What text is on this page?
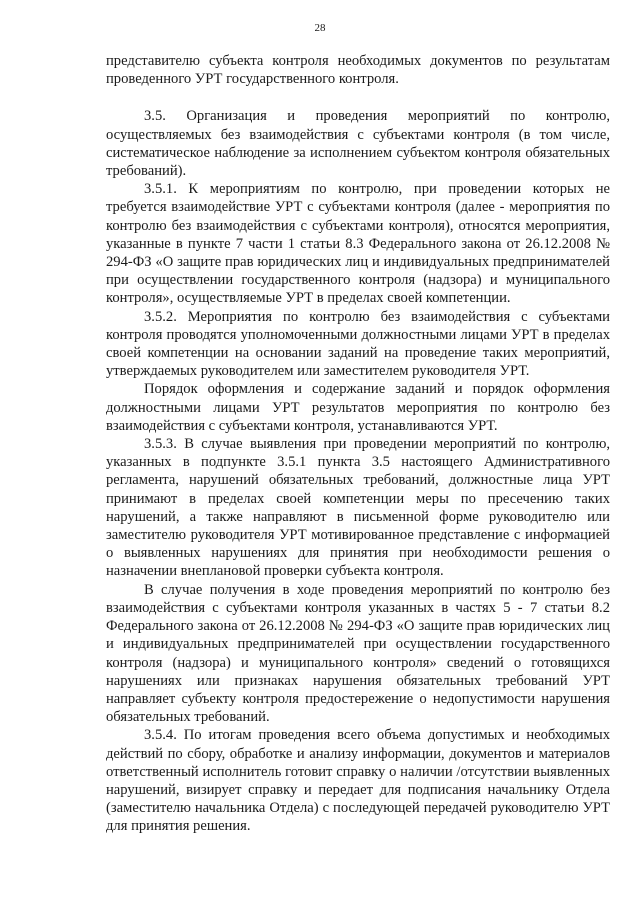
28

представителю субъекта контроля необходимых документов по результатам проведенного УРТ государственного контроля.

3.5. Организация и проведения мероприятий по контролю, осуществляемых без взаимодействия с субъектами контроля (в том числе, систематическое наблюдение за исполнением субъектом контроля обязательных требований).

3.5.1. К мероприятиям по контролю, при проведении которых не требуется взаимодействие УРТ с субъектами контроля (далее - мероприятия по контролю без взаимодействия с субъектами контроля), относятся мероприятия, указанные в пункте 7 части 1 статьи 8.3 Федерального закона от 26.12.2008 № 294-ФЗ «О защите прав юридических лиц и индивидуальных предпринимателей при осуществлении государственного контроля (надзора) и муниципального контроля», осуществляемые УРТ в пределах своей компетенции.

3.5.2. Мероприятия по контролю без взаимодействия с субъектами контроля проводятся уполномоченными должностными лицами УРТ в пределах своей компетенции на основании заданий на проведение таких мероприятий, утверждаемых руководителем или заместителем руководителя УРТ.

Порядок оформления и содержание заданий и порядок оформления должностными лицами УРТ результатов мероприятия по контролю без взаимодействия с субъектами контроля, устанавливаются УРТ.

3.5.3. В случае выявления при проведении мероприятий по контролю, указанных в подпункте 3.5.1 пункта 3.5 настоящего Административного регламента, нарушений обязательных требований, должностные лица УРТ принимают в пределах своей компетенции меры по пресечению таких нарушений, а также направляют в письменной форме руководителю или заместителю руководителя УРТ мотивированное представление с информацией о выявленных нарушениях для принятия при необходимости решения о назначении внеплановой проверки субъекта контроля.

В случае получения в ходе проведения мероприятий по контролю без взаимодействия с субъектами контроля указанных в частях 5 - 7 статьи 8.2 Федерального закона от 26.12.2008 № 294-ФЗ «О защите прав юридических лиц и индивидуальных предпринимателей при осуществлении государственного контроля (надзора) и муниципального контроля» сведений о готовящихся нарушениях или признаках нарушения обязательных требований УРТ направляет субъекту контроля предостережение о недопустимости нарушения обязательных требований.

3.5.4. По итогам проведения всего объема допустимых и необходимых действий по сбору, обработке и анализу информации, документов и материалов ответственный исполнитель готовит справку о наличии /отсутствии выявленных нарушений, визирует справку и передает для подписания начальнику Отдела (заместителю начальника Отдела) с последующей передачей руководителю УРТ для принятия решения.
